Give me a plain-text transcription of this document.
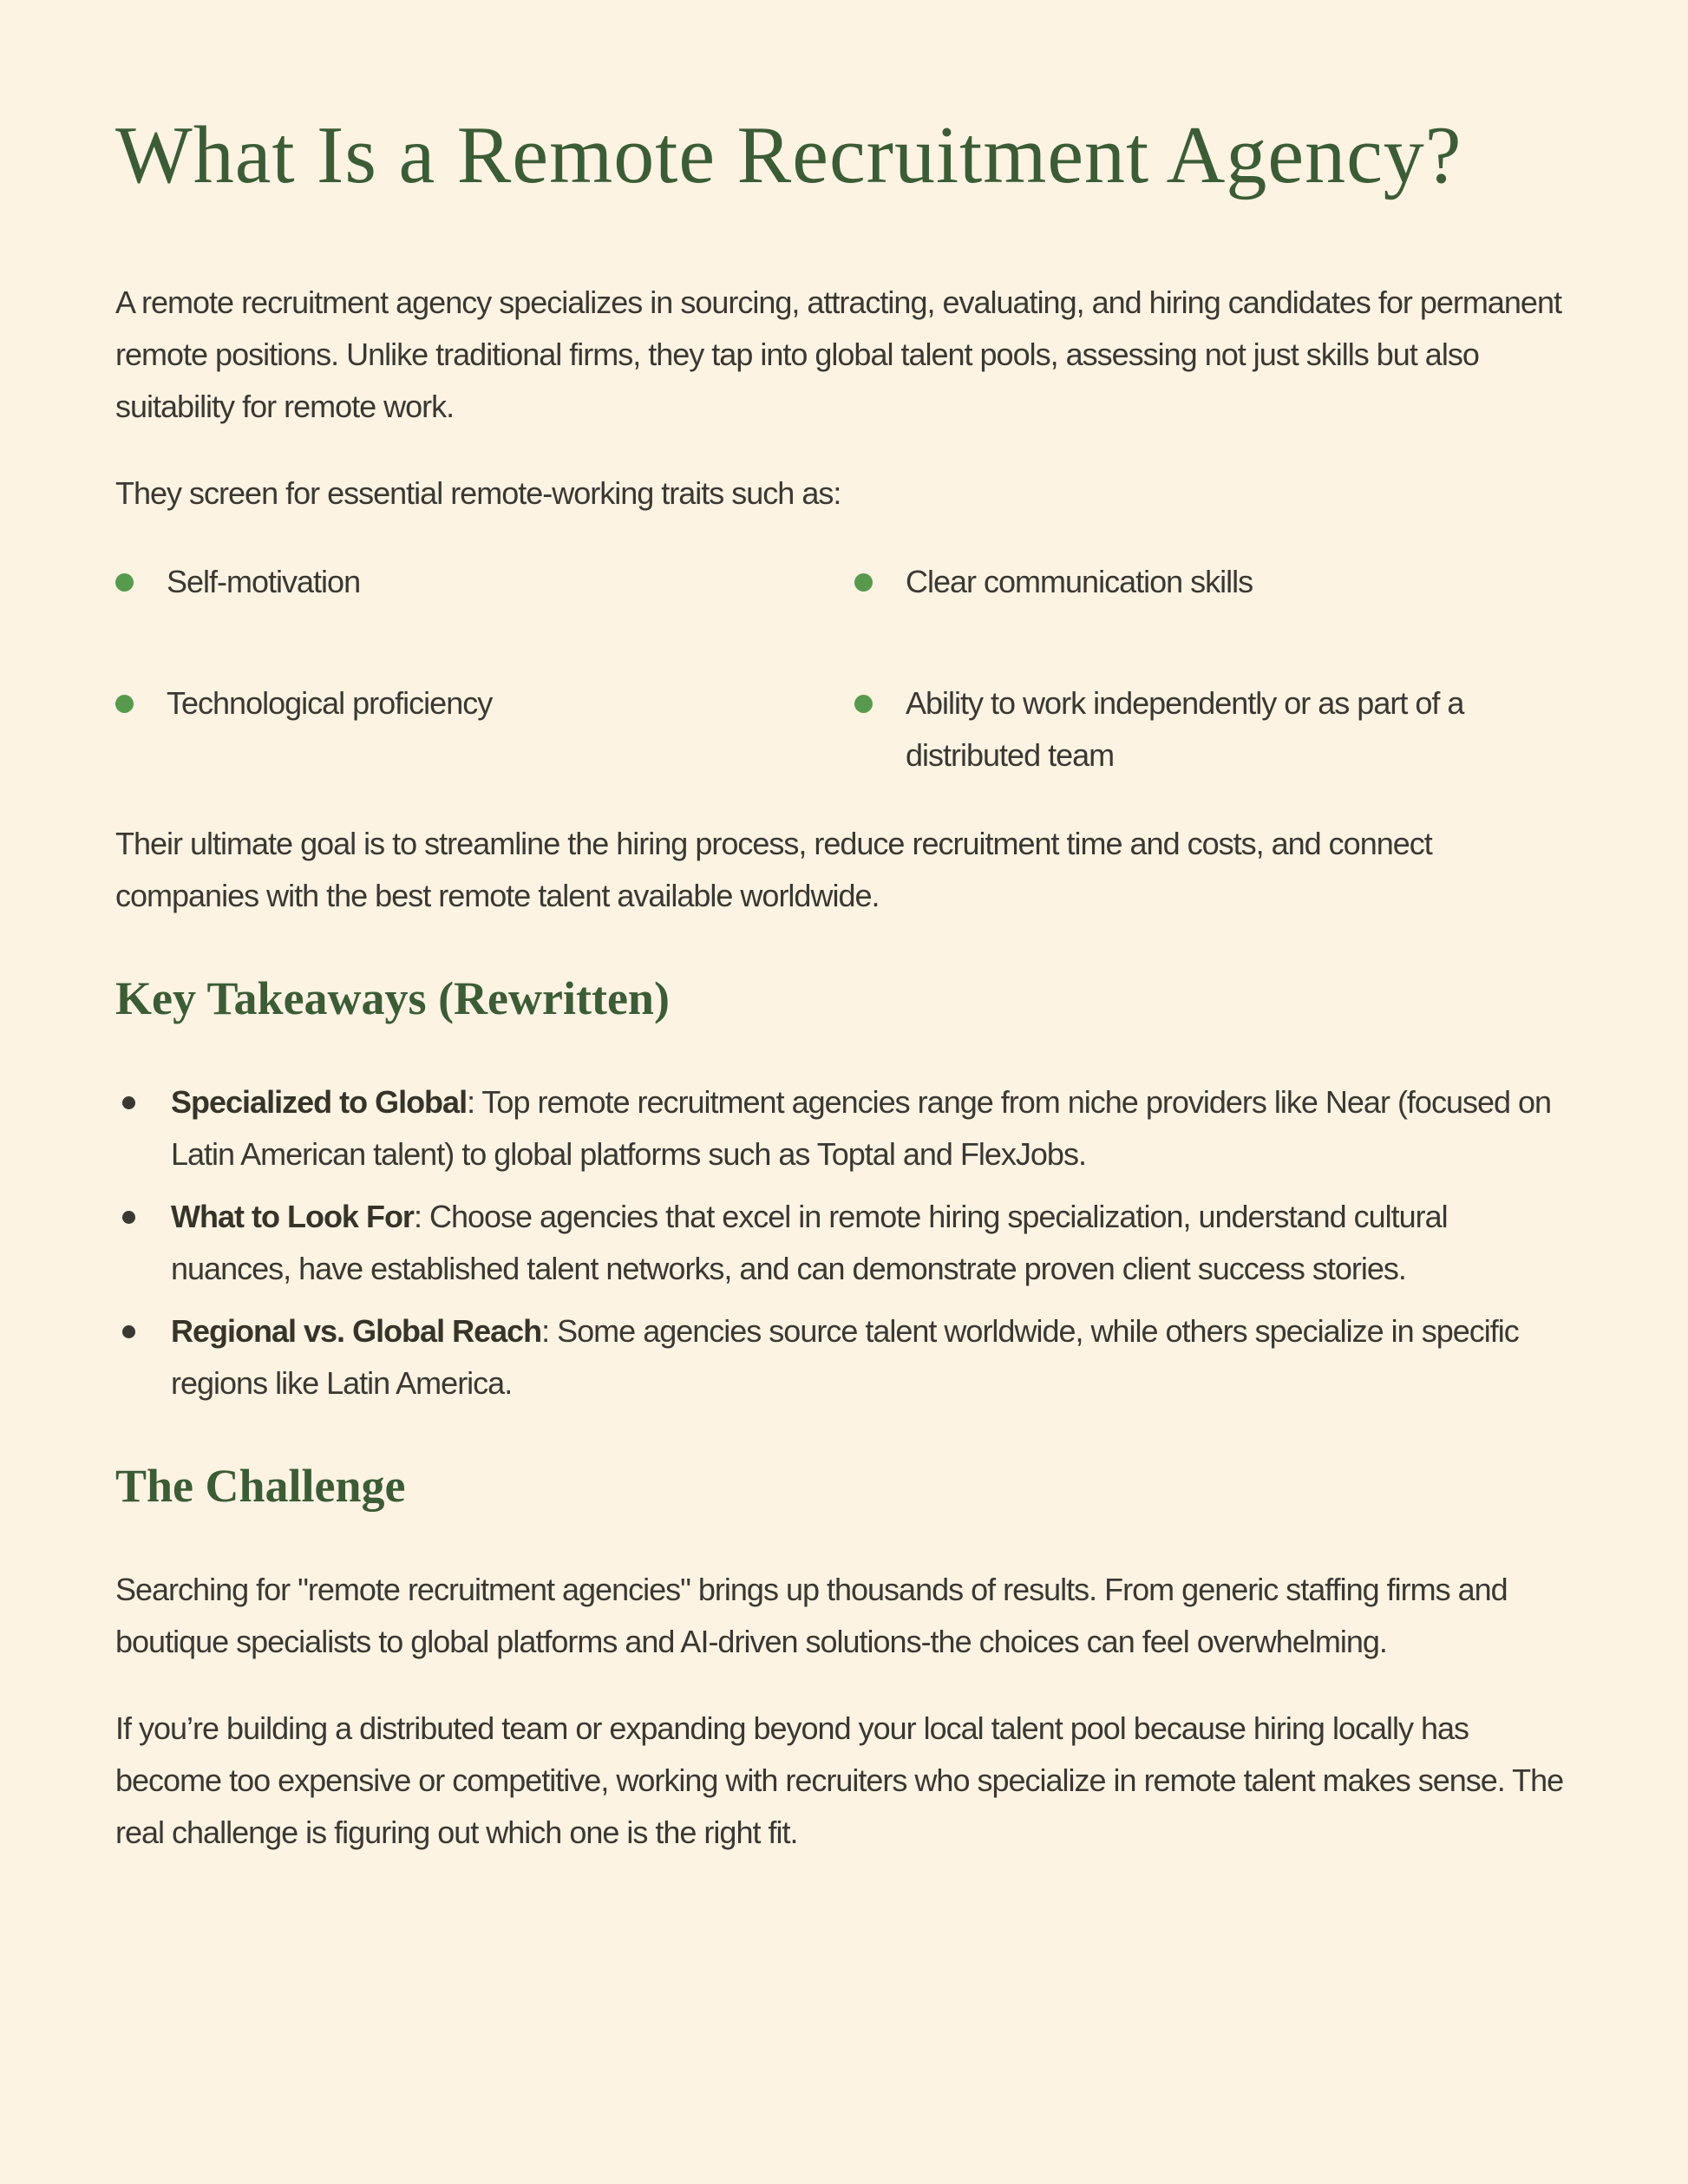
What Is a Remote Recruitment Agency?

A remote recruitment agency specializes in sourcing, attracting, evaluating, and hiring candidates for permanent remote positions. Unlike traditional firms, they tap into global talent pools, assessing not just skills but also suitability for remote work.

They screen for essential remote-working traits such as:

Self-motivation	Clear communication skills
Technological proficiency	Ability to work independently or as part of a distributed team

Their ultimate goal is to streamline the hiring process, reduce recruitment time and costs, and connect companies with the best remote talent available worldwide.

Key Takeaways (Rewritten)
Specialized to Global: Top remote recruitment agencies range from niche providers like Near (focused on Latin American talent) to global platforms such as Toptal and FlexJobs.
What to Look For: Choose agencies that excel in remote hiring specialization, understand cultural nuances, have established talent networks, and can demonstrate proven client success stories.
Regional vs. Global Reach: Some agencies source talent worldwide, while others specialize in specific regions like Latin America.
The Challenge

Searching for "remote recruitment agencies" brings up thousands of results. From generic staffing firms and boutique specialists to global platforms and AI-driven solutions-the choices can feel overwhelming.

If you’re building a distributed team or expanding beyond your local talent pool because hiring locally has become too expensive or competitive, working with recruiters who specialize in remote talent makes sense. The real challenge is figuring out which one is the right fit.
